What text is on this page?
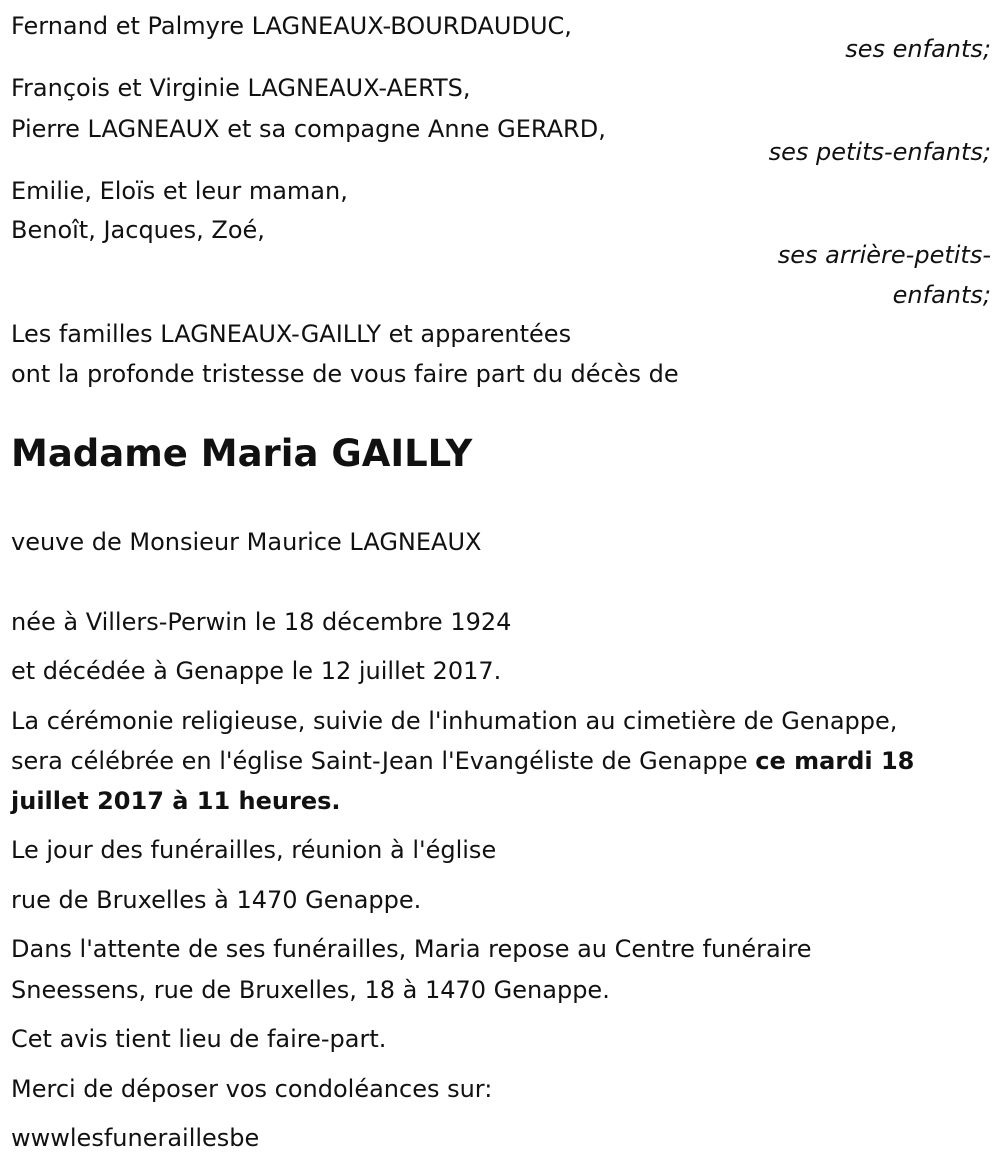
Fernand et Palmyre LAGNEAUX-BOURDAUDUC,
ses enfants;
François et Virginie LAGNEAUX-AERTS,
Pierre LAGNEAUX et sa compagne Anne GERARD,
ses petits-enfants;
Emilie, Eloïs et leur maman,
Benoît, Jacques, Zoé,
ses arrière-petits-
enfants;
Les familles LAGNEAUX-GAILLY et apparentées
ont la profonde tristesse de vous faire part du décès de
Madame Maria GAILLY
veuve de Monsieur Maurice LAGNEAUX
née à Villers-Perwin le 18 décembre 1924
et décédée à Genappe le 12 juillet 2017.
La cérémonie religieuse, suivie de l'inhumation au cimetière de Genappe,
sera célébrée en l'église Saint-Jean l'Evangéliste de Genappe ce mardi 18
juillet 2017 à 11 heures.
Le jour des funérailles, réunion à l'église
rue de Bruxelles à 1470 Genappe.
Dans l'attente de ses funérailles, Maria repose au Centre funéraire
Sneessens, rue de Bruxelles, 18 à 1470 Genappe.
Cet avis tient lieu de faire-part.
Merci de déposer vos condoléances sur:
wwwlesfuneraillesbe
